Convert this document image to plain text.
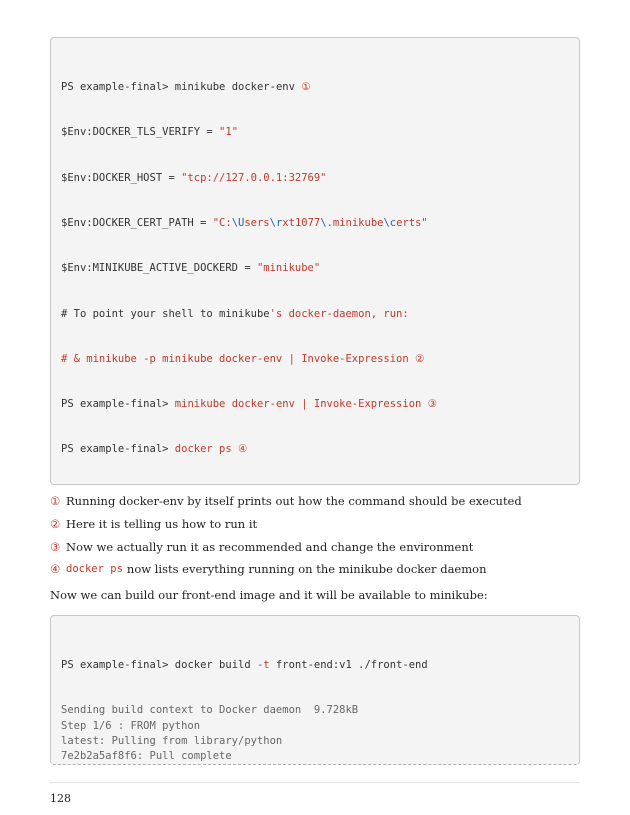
PS example-final> minikube docker-env ①

$Env:DOCKER_TLS_VERIFY = "1"

$Env:DOCKER_HOST = "tcp://127.0.0.1:32769"

$Env:DOCKER_CERT_PATH = "C:\Users\rxt1077\.minikube\certs"

$Env:MINIKUBE_ACTIVE_DOCKERD = "minikube"

# To point your shell to minikube's docker-daemon, run:

# & minikube -p minikube docker-env | Invoke-Expression ②

PS example-final> minikube docker-env | Invoke-Expression ③

PS example-final> docker ps ④

① Running docker-env by itself prints out how the command should be executed
② Here it is telling us how to run it
③ Now we actually run it as recommended and change the environment
④ docker ps now lists everything running on the minikube docker daemon
Now we can build our front-end image and it will be available to minikube:

PS example-final> docker build -t front-end:v1 ./front-end

Sending build context to Docker daemon  9.728kB
Step 1/6 : FROM python
latest: Pulling from library/python
7e2b2a5af8f6: Pull complete

128
